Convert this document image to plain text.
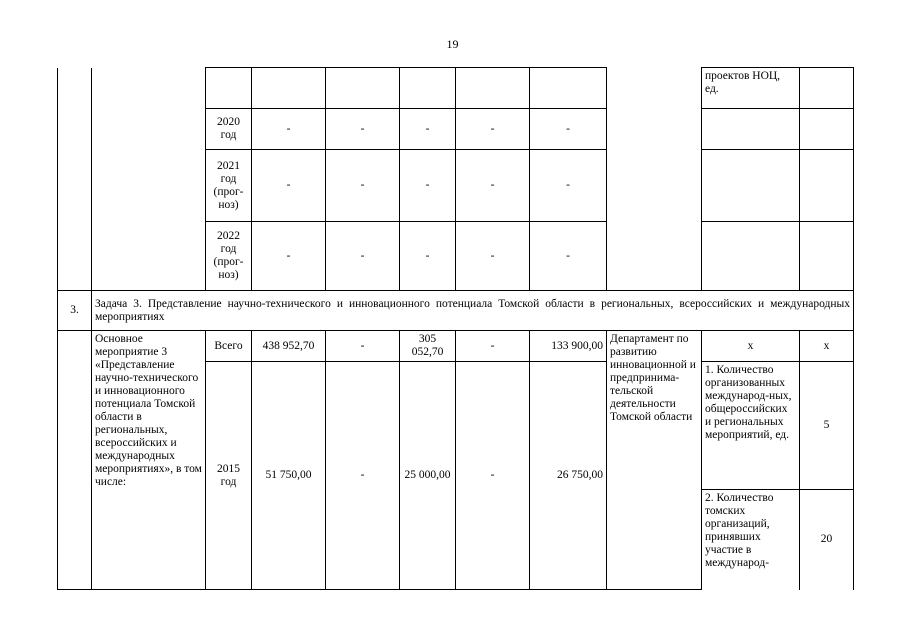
19
									проектов НОЦ, ед.	
		2020 год	-	-	-	-	-			
		2021 год (прог-ноз)	-	-	-	-	-			
		2022 год (прог-ноз)	-	-	-	-	-			
3.	Задача 3. Представление научно-технического и инновационного потенциала Томской области в региональных, всероссийских и международных мероприятиях									
	Основное мероприятие 3 «Представление научно-технического и инновационного потенциала Томской области в региональных, всероссийских и международных мероприятиях», в том числе:	Всего	438 952,70	-	305 052,70	-	133 900,00	Департамент по развитию инновационной и предпринима-тельской деятельности Томской области	х	х
		2015 год	51 750,00	-	25 000,00	-	26 750,00		1. Количество организованных международ-ных, общероссийских и региональных мероприятий, ед.	5
									2. Количество томских организаций, принявших участие в международ-	20
